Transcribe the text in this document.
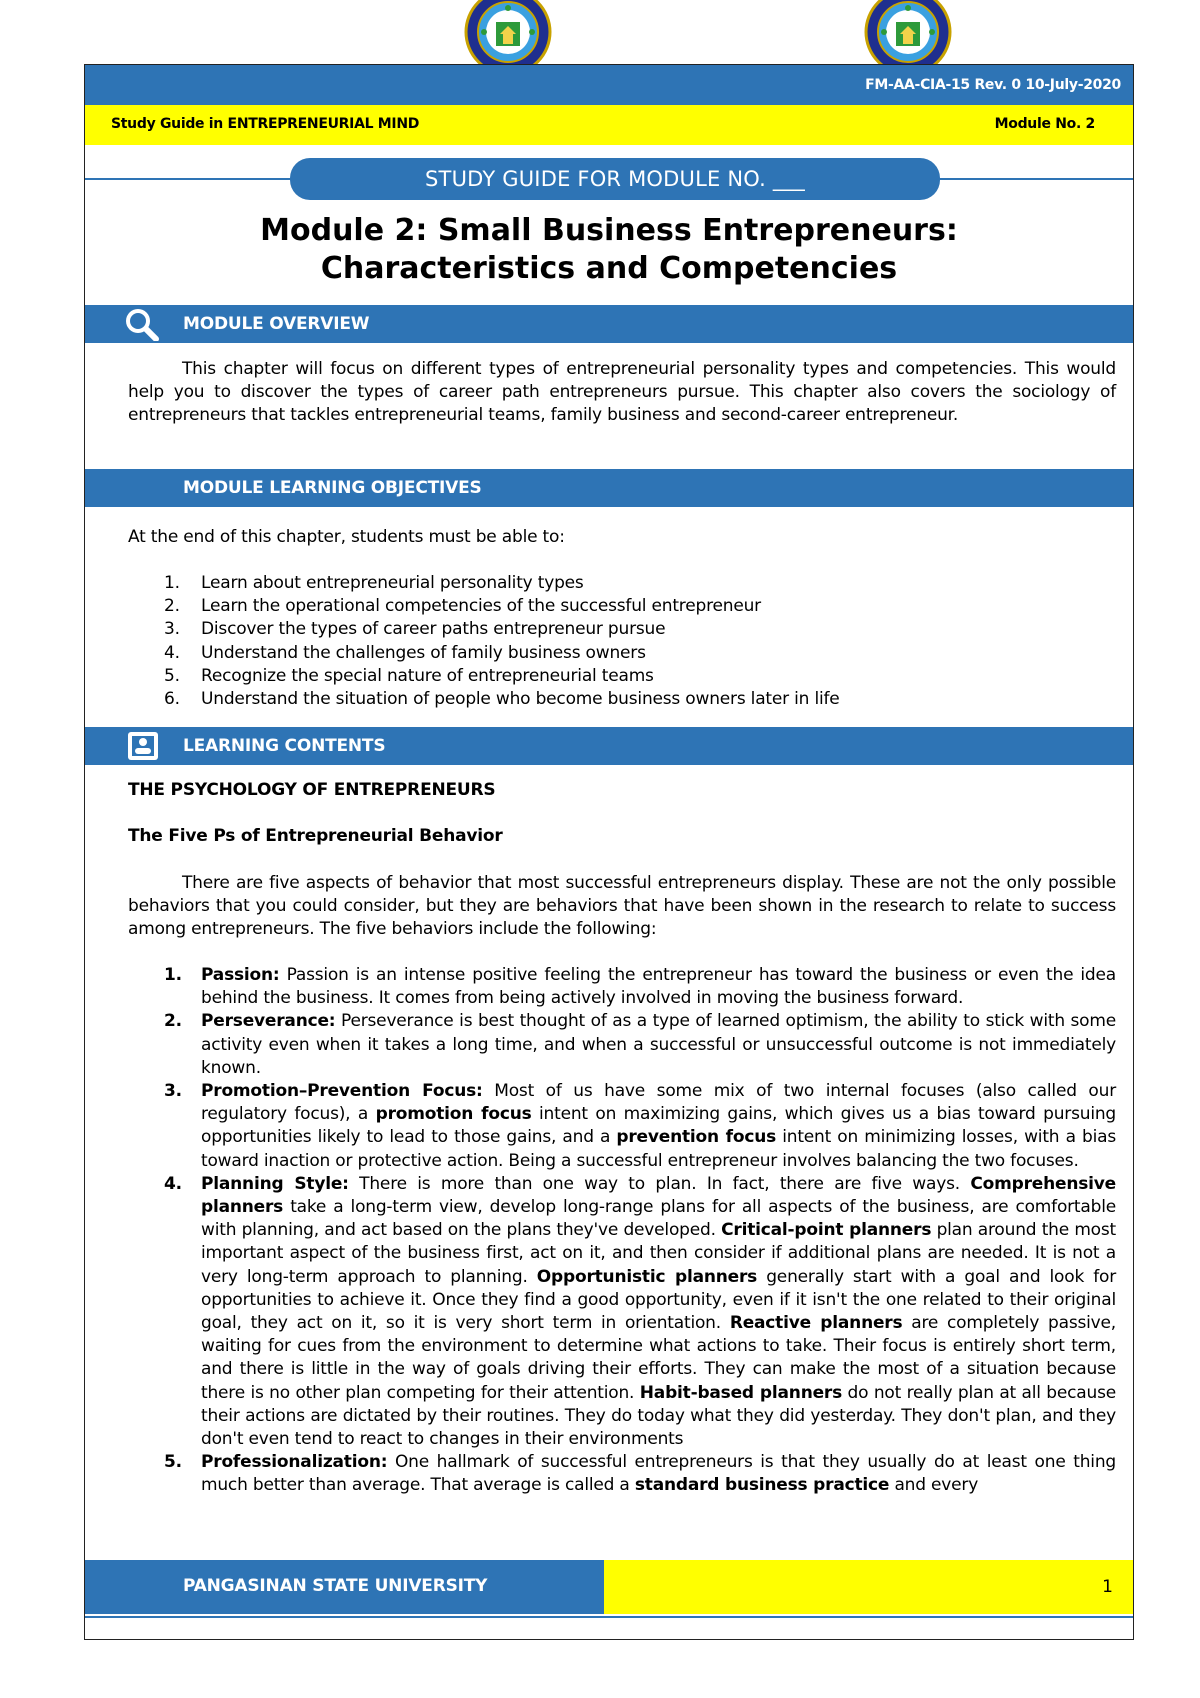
FM-AA-CIA-15 Rev. 0 10-July-2020
Study Guide in ENTREPRENEURIAL MIND	Module No. 2
STUDY GUIDE FOR MODULE NO. ___
Module 2: Small Business Entrepreneurs:
Characteristics and Competencies
MODULE OVERVIEW
This chapter will focus on different types of entrepreneurial personality types and competencies. This would help you to discover the types of career path entrepreneurs pursue. This chapter also covers the sociology of entrepreneurs that tackles entrepreneurial teams, family business and second-career entrepreneur.
MODULE LEARNING OBJECTIVES
At the end of this chapter, students must be able to:
1. Learn about entrepreneurial personality types
2. Learn the operational competencies of the successful entrepreneur
3. Discover the types of career paths entrepreneur pursue
4. Understand the challenges of family business owners
5. Recognize the special nature of entrepreneurial teams
6. Understand the situation of people who become business owners later in life
LEARNING CONTENTS
THE PSYCHOLOGY OF ENTREPRENEURS
The Five Ps of Entrepreneurial Behavior
There are five aspects of behavior that most successful entrepreneurs display. These are not the only possible behaviors that you could consider, but they are behaviors that have been shown in the research to relate to success among entrepreneurs. The five behaviors include the following:
1. Passion: Passion is an intense positive feeling the entrepreneur has toward the business or even the idea behind the business. It comes from being actively involved in moving the business forward.
2. Perseverance: Perseverance is best thought of as a type of learned optimism, the ability to stick with some activity even when it takes a long time, and when a successful or unsuccessful outcome is not immediately known.
3. Promotion–Prevention Focus: Most of us have some mix of two internal focuses (also called our regulatory focus), a promotion focus intent on maximizing gains, which gives us a bias toward pursuing opportunities likely to lead to those gains, and a prevention focus intent on minimizing losses, with a bias toward inaction or protective action. Being a successful entrepreneur involves balancing the two focuses.
4. Planning Style: There is more than one way to plan. In fact, there are five ways. Comprehensive planners take a long-term view, develop long-range plans for all aspects of the business, are comfortable with planning, and act based on the plans they've developed. Critical-point planners plan around the most important aspect of the business first, act on it, and then consider if additional plans are needed. It is not a very long-term approach to planning. Opportunistic planners generally start with a goal and look for opportunities to achieve it. Once they find a good opportunity, even if it isn't the one related to their original goal, they act on it, so it is very short term in orientation. Reactive planners are completely passive, waiting for cues from the environment to determine what actions to take. Their focus is entirely short term, and there is little in the way of goals driving their efforts. They can make the most of a situation because there is no other plan competing for their attention. Habit-based planners do not really plan at all because their actions are dictated by their routines. They do today what they did yesterday. They don't plan, and they don't even tend to react to changes in their environments
5. Professionalization: One hallmark of successful entrepreneurs is that they usually do at least one thing much better than average. That average is called a standard business practice and every
PANGASINAN STATE UNIVERSITY	1
